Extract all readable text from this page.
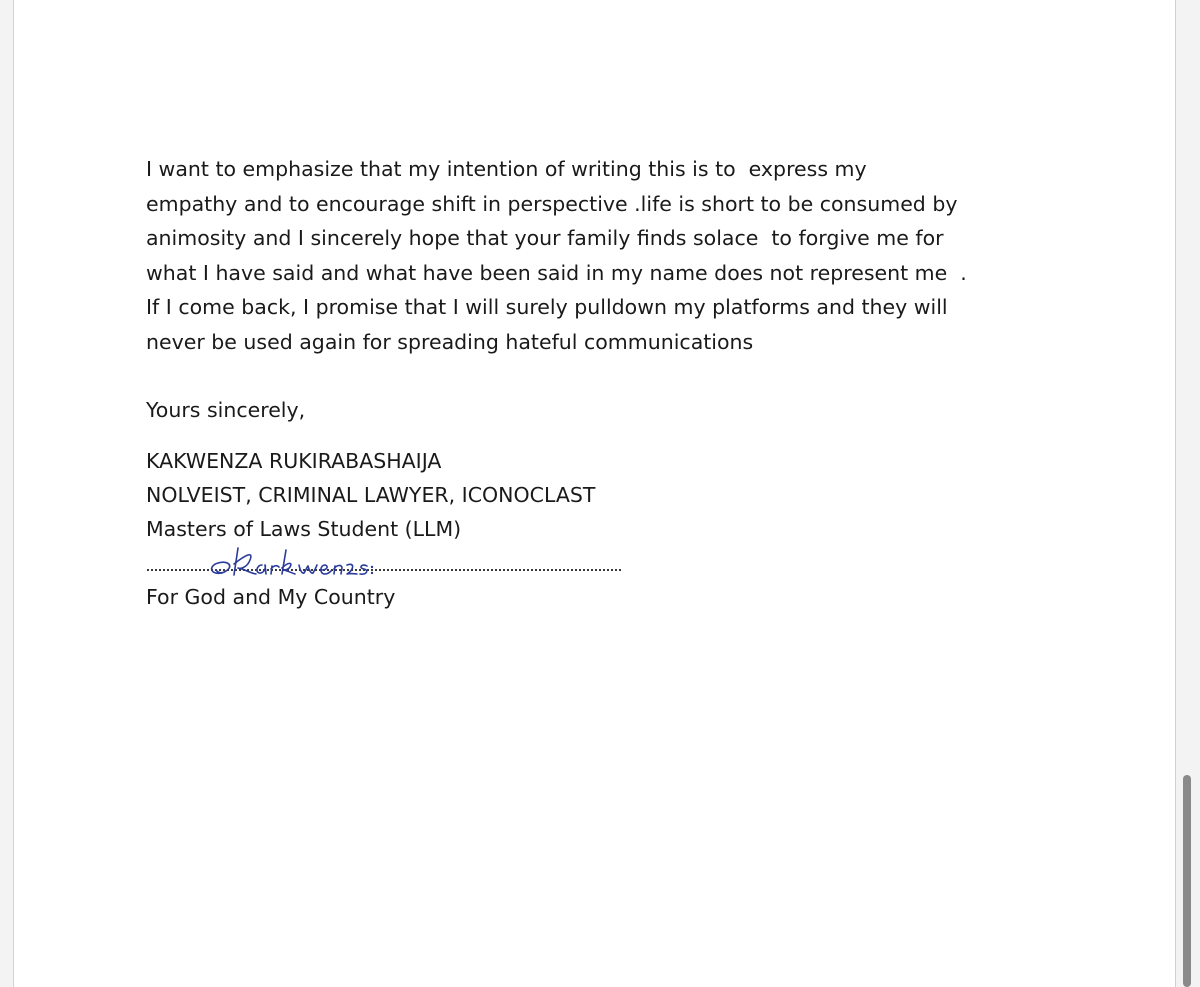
I want to emphasize that my intention of writing this is to  express my
empathy and to encourage shift in perspective .life is short to be consumed by
animosity and I sincerely hope that your family finds solace  to forgive me for
what I have said and what have been said in my name does not represent me  .
If I come back, I promise that I will surely pulldown my platforms and they will
never be used again for spreading hateful communications
Yours sincerely,
KAKWENZA RUKIRABASHAIJA
NOLVEIST, CRIMINAL LAWYER, ICONOCLAST
Masters of Laws Student (LLM)
For God and My Country
